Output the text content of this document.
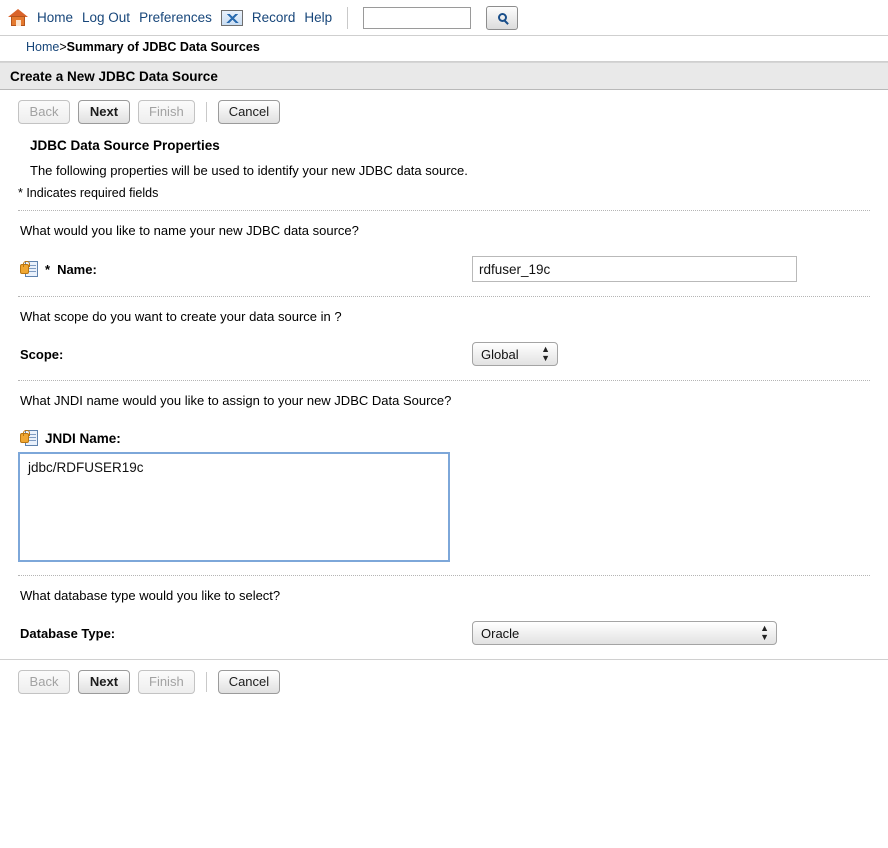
Home Log Out Preferences	Record Help
Home>Summary of JDBC Data Sources
Create a New JDBC Data Source
Back	Next	Finish	Cancel
JDBC Data Source Properties
The following properties will be used to identify your new JDBC data source.
* Indicates required fields
What would you like to name your new JDBC data source?
* Name:
rdfuser_19c
What scope do you want to create your data source in ?
Scope:
Global	▲
▼
What JNDI name would you like to assign to your new JDBC Data Source?
JNDI Name:
jdbc/RDFUSER19c
What database type would you like to select?
Database Type:
Oracle	▲
▼
Back	Next	Finish	Cancel
